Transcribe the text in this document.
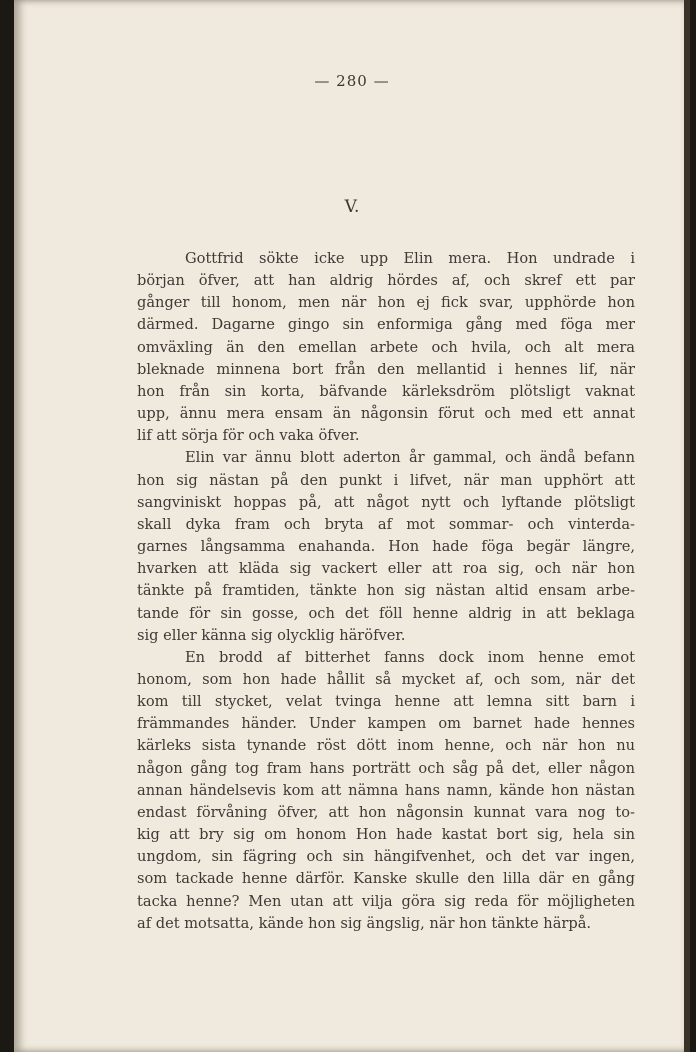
— 280 —
V.
Gottfrid sökte icke upp Elin mera. Hon undrade i
början öfver, att han aldrig hördes af, och skref ett par
gånger till honom, men när hon ej fick svar, upphörde hon
därmed. Dagarne gingo sin enformiga gång med föga mer
omväxling än den emellan arbete och hvila, och alt mera
bleknade minnena bort från den mellantid i hennes lif, när
hon från sin korta, bäfvande kärleksdröm plötsligt vaknat
upp, ännu mera ensam än någonsin förut och med ett annat
lif att sörja för och vaka öfver.
Elin var ännu blott aderton år gammal, och ändå befann
hon sig nästan på den punkt i lifvet, när man upphört att
sangviniskt hoppas på, att något nytt och lyftande plötsligt
skall dyka fram och bryta af mot sommar- och vinterda-
garnes långsamma enahanda. Hon hade föga begär längre,
hvarken att kläda sig vackert eller att roa sig, och när hon
tänkte på framtiden, tänkte hon sig nästan altid ensam arbe-
tande för sin gosse, och det föll henne aldrig in att beklaga
sig eller känna sig olycklig häröfver.
En brodd af bitterhet fanns dock inom henne emot
honom, som hon hade hållit så mycket af, och som, när det
kom till stycket, velat tvinga henne att lemna sitt barn i
främmandes händer. Under kampen om barnet hade hennes
kärleks sista tynande röst dött inom henne, och när hon nu
någon gång tog fram hans porträtt och såg på det, eller någon
annan händelsevis kom att nämna hans namn, kände hon nästan
endast förvåning öfver, att hon någonsin kunnat vara nog to-
kig att bry sig om honom Hon hade kastat bort sig, hela sin
ungdom, sin fägring och sin hängifvenhet, och det var ingen,
som tackade henne därför. Kanske skulle den lilla där en gång
tacka henne? Men utan att vilja göra sig reda för möjligheten
af det motsatta, kände hon sig ängslig, när hon tänkte härpå.
